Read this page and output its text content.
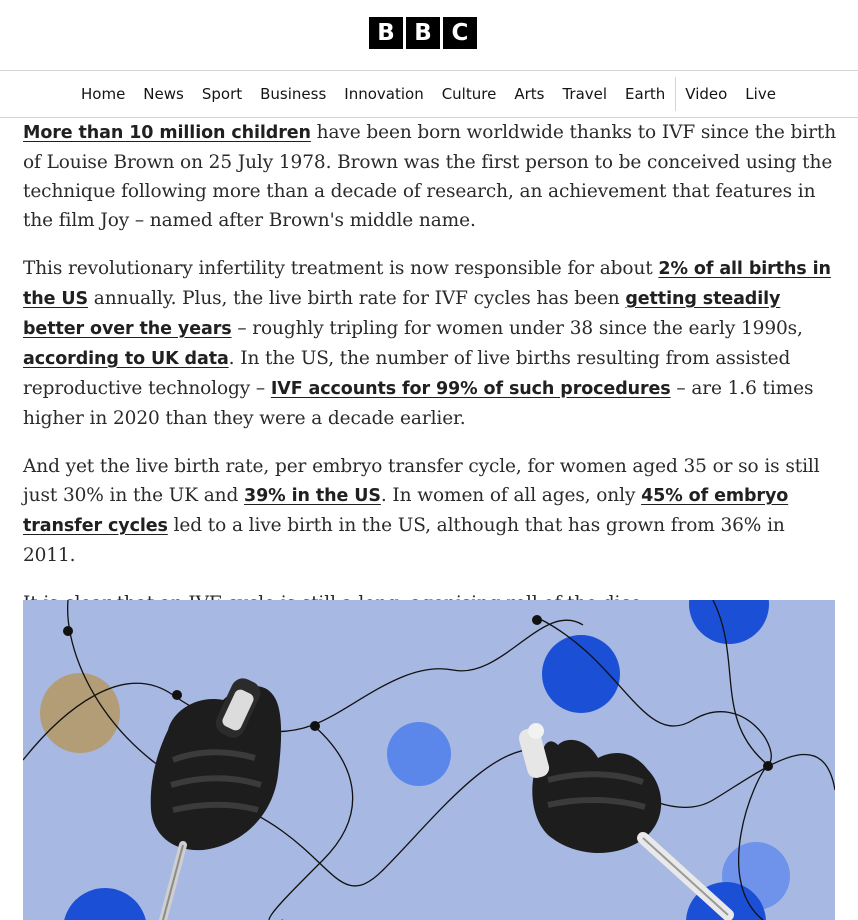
B B C
Home	News	Sport	Business	Innovation	Culture	Arts	Travel	Earth	Video	Live

More than 10 million children have been born worldwide thanks to IVF since the birth of Louise Brown on 25 July 1978. Brown was the first person to be conceived using the technique following more than a decade of research, an achievement that features in the film Joy – named after Brown's middle name.

This revolutionary infertility treatment is now responsible for about 2% of all births in the US annually. Plus, the live birth rate for IVF cycles has been getting steadily better over the years – roughly tripling for women under 38 since the early 1990s, according to UK data. In the US, the number of live births resulting from assisted reproductive technology – IVF accounts for 99% of such procedures – are 1.6 times higher in 2020 than they were a decade earlier.

And yet the live birth rate, per embryo transfer cycle, for women aged 35 or so is still just 30% in the UK and 39% in the US. In women of all ages, only 45% of embryo transfer cycles led to a live birth in the US, although that has grown from 36% in 2011.
